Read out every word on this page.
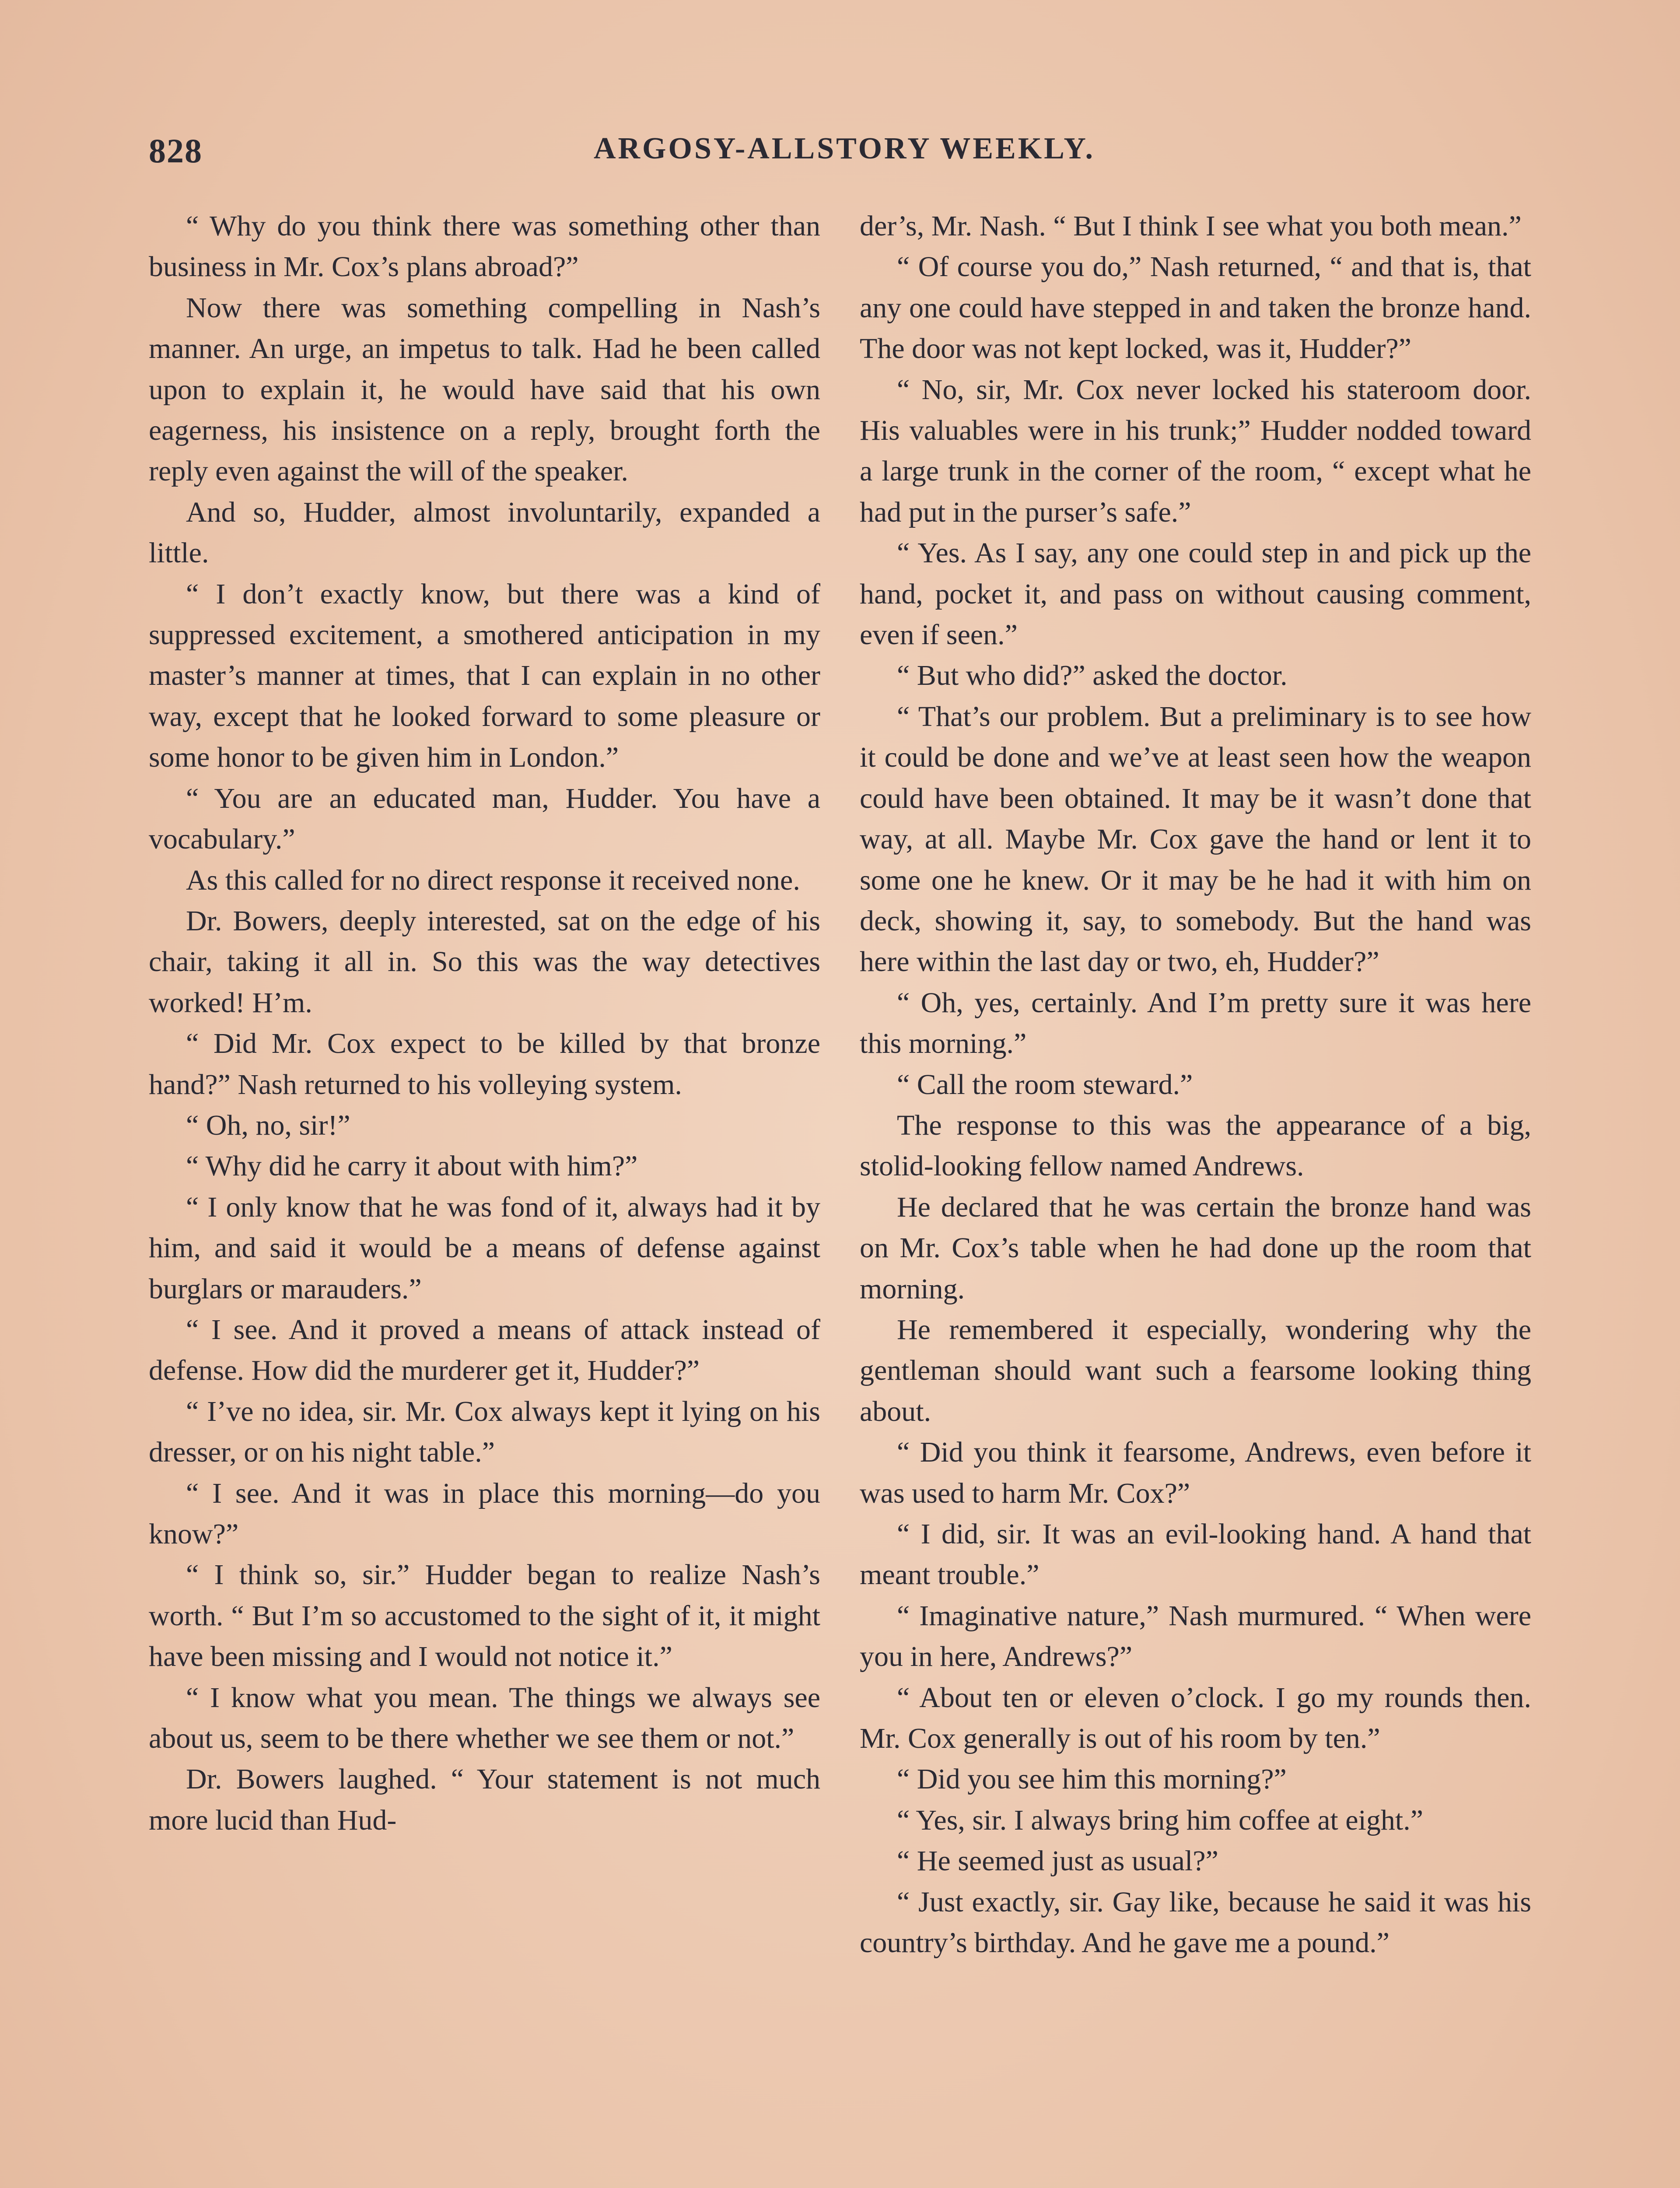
828	ARGOSY-ALLSTORY WEEKLY.

“ Why do you think there was something other than business in Mr. Cox’s plans abroad?”

Now there was something compelling in Nash’s manner. An urge, an impetus to talk. Had he been called upon to explain it, he would have said that his own eagerness, his insistence on a reply, brought forth the reply even against the will of the speaker.

And so, Hudder, almost involuntarily, expanded a little.

“ I don’t exactly know, but there was a kind of suppressed excitement, a smothered anticipation in my master’s manner at times, that I can explain in no other way, except that he looked forward to some pleasure or some honor to be given him in London.”

“ You are an educated man, Hudder. You have a vocabulary.”

As this called for no direct response it received none.

Dr. Bowers, deeply interested, sat on the edge of his chair, taking it all in. So this was the way detectives worked! H’m.

“ Did Mr. Cox expect to be killed by that bronze hand?” Nash returned to his volleying system.

“ Oh, no, sir!”

“ Why did he carry it about with him?”

“ I only know that he was fond of it, always had it by him, and said it would be a means of defense against burglars or marauders.”

“ I see. And it proved a means of attack instead of defense. How did the murderer get it, Hudder?”

“ I’ve no idea, sir. Mr. Cox always kept it lying on his dresser, or on his night table.”

“ I see. And it was in place this morning—do you know?”

“ I think so, sir.” Hudder began to realize Nash’s worth. “ But I’m so accustomed to the sight of it, it might have been missing and I would not notice it.”

“ I know what you mean. The things we always see about us, seem to be there whether we see them or not.”

Dr. Bowers laughed. “ Your statement is not much more lucid than Hud-

der’s, Mr. Nash. “ But I think I see what you both mean.”

“ Of course you do,” Nash returned, “ and that is, that any one could have stepped in and taken the bronze hand. The door was not kept locked, was it, Hudder?”

“ No, sir, Mr. Cox never locked his stateroom door. His valuables were in his trunk;” Hudder nodded toward a large trunk in the corner of the room, “ except what he had put in the purser’s safe.”

“ Yes. As I say, any one could step in and pick up the hand, pocket it, and pass on without causing comment, even if seen.”

“ But who did?” asked the doctor.

“ That’s our problem. But a preliminary is to see how it could be done and we’ve at least seen how the weapon could have been obtained. It may be it wasn’t done that way, at all. Maybe Mr. Cox gave the hand or lent it to some one he knew. Or it may be he had it with him on deck, showing it, say, to somebody. But the hand was here within the last day or two, eh, Hudder?”

“ Oh, yes, certainly. And I’m pretty sure it was here this morning.”

“ Call the room steward.”

The response to this was the appearance of a big, stolid-looking fellow named Andrews.

He declared that he was certain the bronze hand was on Mr. Cox’s table when he had done up the room that morning.

He remembered it especially, wondering why the gentleman should want such a fearsome looking thing about.

“ Did you think it fearsome, Andrews, even before it was used to harm Mr. Cox?”

“ I did, sir. It was an evil-looking hand. A hand that meant trouble.”

“ Imaginative nature,” Nash murmured. “ When were you in here, Andrews?”

“ About ten or eleven o’clock. I go my rounds then. Mr. Cox generally is out of his room by ten.”

“ Did you see him this morning?”

“ Yes, sir. I always bring him coffee at eight.”

“ He seemed just as usual?”

“ Just exactly, sir. Gay like, because he said it was his country’s birthday. And he gave me a pound.”
